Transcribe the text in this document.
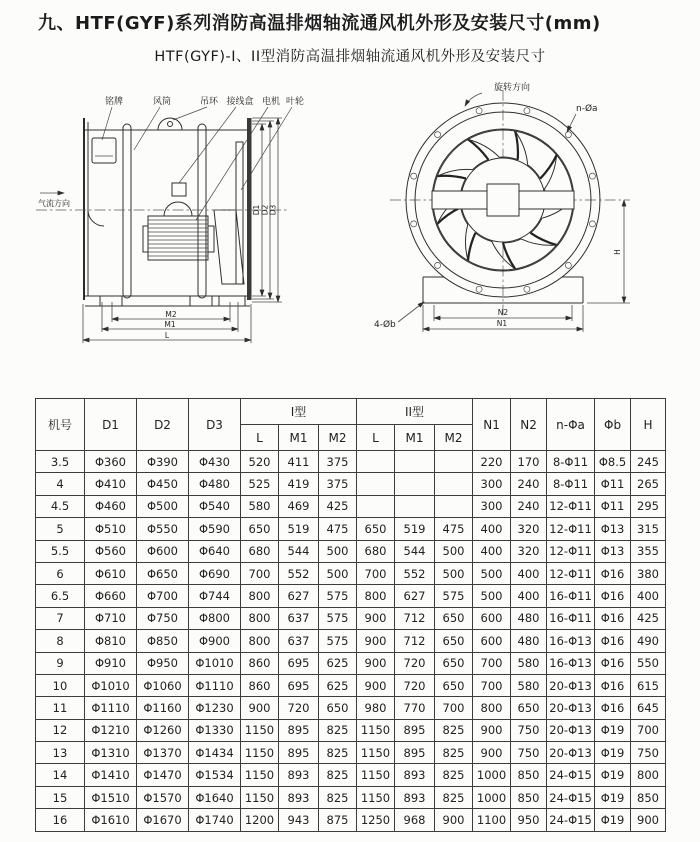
九、HTF(GYF)系列消防高温排烟轴流通风机外形及安装尺寸(mm)
HTF(GYF)-I、II型消防高温排烟轴流通风机外形及安装尺寸
铭牌	风筒	吊环 接线盒 电机 叶轮
气流方向
D1 D2 D3
M2
M1
L
旋转方向
n-Øa
4-Øb
N2
N1
H
机号	D1	D2	D3	I型			II型			N1	N2	n-Φa	Φb	H
				L	M1	M2	L	M1	M2					
3.5	Φ360	Φ390	Φ430	520	411	375				220	170	8-Φ11	Φ8.5	245
4	Φ410	Φ450	Φ480	525	419	375				300	240	8-Φ11	Φ11	265
4.5	Φ460	Φ500	Φ540	580	469	425				300	240	12-Φ11	Φ11	295
5	Φ510	Φ550	Φ590	650	519	475	650	519	475	400	320	12-Φ11	Φ13	315
5.5	Φ560	Φ600	Φ640	680	544	500	680	544	500	400	320	12-Φ11	Φ13	355
6	Φ610	Φ650	Φ690	700	552	500	700	552	500	500	400	12-Φ11	Φ16	380
6.5	Φ660	Φ700	Φ744	800	627	575	800	627	575	500	400	16-Φ11	Φ16	400
7	Φ710	Φ750	Φ800	800	637	575	900	712	650	600	480	16-Φ11	Φ16	425
8	Φ810	Φ850	Φ900	800	637	575	900	712	650	600	480	16-Φ13	Φ16	490
9	Φ910	Φ950	Φ1010	860	695	625	900	720	650	700	580	16-Φ13	Φ16	550
10	Φ1010	Φ1060	Φ1110	860	695	625	900	720	650	700	580	20-Φ13	Φ16	615
11	Φ1110	Φ1160	Φ1230	900	720	650	980	770	700	800	650	20-Φ13	Φ16	645
12	Φ1210	Φ1260	Φ1330	1150	895	825	1150	895	825	900	750	20-Φ13	Φ19	700
13	Φ1310	Φ1370	Φ1434	1150	895	825	1150	895	825	900	750	20-Φ13	Φ19	750
14	Φ1410	Φ1470	Φ1534	1150	893	825	1150	893	825	1000	850	24-Φ15	Φ19	800
15	Φ1510	Φ1570	Φ1640	1150	893	825	1150	893	825	1000	850	24-Φ15	Φ19	850
16	Φ1610	Φ1670	Φ1740	1200	943	875	1250	968	900	1100	950	24-Φ15	Φ19	900
